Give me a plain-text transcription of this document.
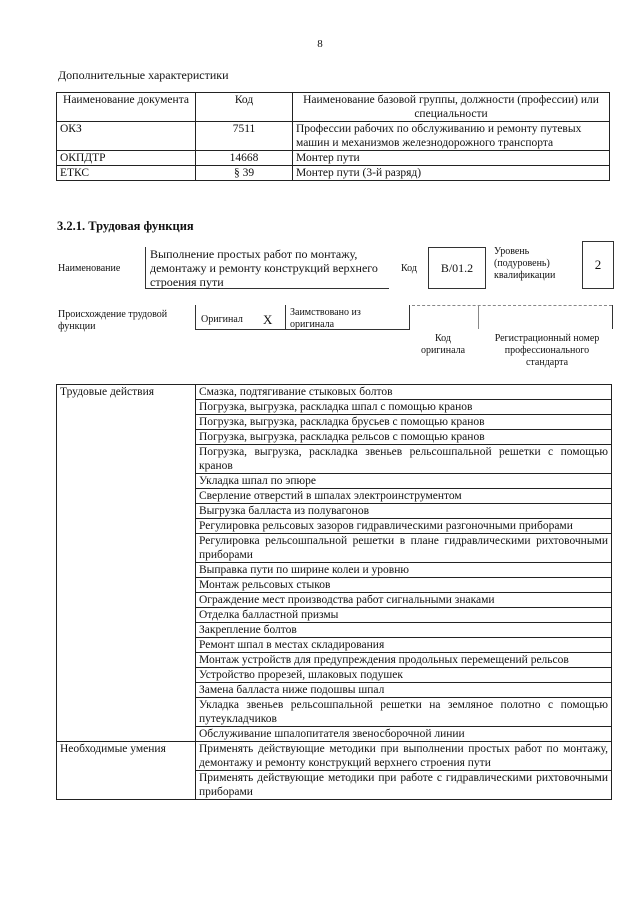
8
Дополнительные характеристики
Наименование документа	Код	Наименование базовой группы, должности (профессии) или специальности
ОКЗ	7511	Профессии рабочих по обслуживанию и ремонту путевых машин и механизмов железнодорожного транспорта
ОКПДТР	14668	Монтер пути
ЕТКС	§ 39	Монтер пути (3-й разряд)
3.2.1. Трудовая функция
Наименование
Выполнение простых работ по монтажу, демонтажу и ремонту конструкций верхнего строения пути
Код	В/01.2
Уровень (подуровень) квалификации
2
Происхождение трудовой функции
Оригинал Х Заимствовано из оригинала
Код оригинала
Регистрационный номер профессионального стандарта
Трудовые действия	Смазка, подтягивание стыковых болтов
	Погрузка, выгрузка, раскладка шпал с помощью кранов
	Погрузка, выгрузка, раскладка брусьев с помощью кранов
	Погрузка, выгрузка, раскладка рельсов с помощью кранов
	Погрузка, выгрузка, раскладка звеньев рельсошпальной решетки с помощью кранов
	Укладка шпал по эпюре
	Сверление отверстий в шпалах электроинструментом
	Выгрузка балласта из полувагонов
	Регулировка рельсовых зазоров гидравлическими разгоночными приборами
	Регулировка рельсошпальной решетки в плане гидравлическими рихтовочными приборами
	Выправка пути по ширине колеи и уровню
	Монтаж рельсовых стыков
	Ограждение мест производства работ сигнальными знаками
	Отделка балластной призмы
	Закрепление болтов
	Ремонт шпал в местах складирования
	Монтаж устройств для предупреждения продольных перемещений рельсов
	Устройство прорезей, шлаковых подушек
	Замена балласта ниже подошвы шпал
	Укладка звеньев рельсошпальной решетки на земляное полотно с помощью путеукладчиков
	Обслуживание шпалопитателя звеносборочной линии
Необходимые умения	Применять действующие методики при выполнении простых работ по монтажу, демонтажу и ремонту конструкций верхнего строения пути
	Применять действующие методики при работе с гидравлическими рихтовочными приборами
